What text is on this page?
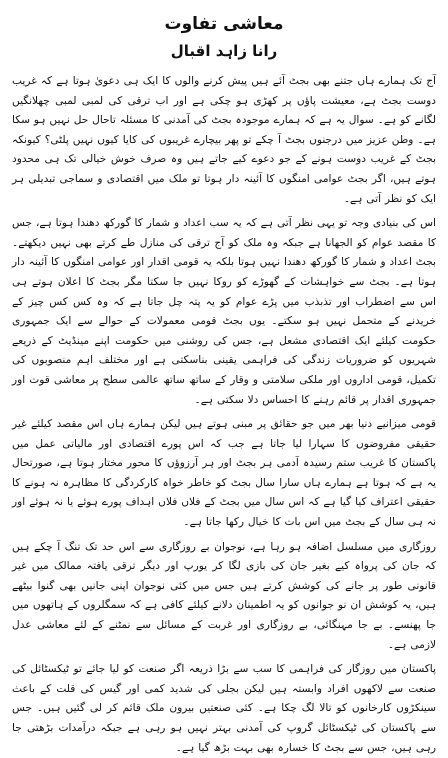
معاشی تفاوت
رانا زاہد اقبال

آج تک ہمارے ہاں جتنے بھی بجٹ آئے ہیں پیش کرنے والوں کا ایک ہی دعویٰ ہوتا ہے کہ غریب دوست بجٹ ہے، معیشت پاؤں پر کھڑی ہو چکی ہے اور اب ترقی کی لمبی لمبی چھلانگیں لگانے کو ہے۔ سوال یہ ہے کہ ہمارے موجودہ بجٹ کی آمدنی کا مسئلہ تاحال حل نہیں ہو سکا ہے۔ وطن عزیز میں درجنوں بجٹ آ چکے تو پھر بیچارے غریبوں کی کایا کیوں نہیں پلٹی؟ کیونکہ بجٹ کے غریب دوست ہونے کے جو دعوے کیے جاتے ہیں وہ صرف خوش خیالی تک ہی محدود ہوتے ہیں، اگر بجٹ عوامی امنگوں کا آئینہ دار ہوتا تو ملک میں اقتصادی و سماجی تبدیلی ہر ایک کو نظر آتی ہے۔

اس کی بنیادی وجہ تو یہی نظر آتی ہے کہ یہ سب اعداد و شمار کا گورکھ دھندا ہوتا ہے، جس کا مقصد عوام کو الجھانا ہے جبکہ وہ ملک کو آج ترقی کی منازل طے کرتے بھی نہیں دیکھتے۔ بجٹ اعداد و شمار کا گورکھ دھندا نہیں ہوتا بلکہ یہ قومی اقدار اور عوامی امنگوں کا آئینہ دار ہوتا ہے۔ بجٹ سے خواہشات کے گھوڑے کو روکا نہیں جا سکتا مگر بجٹ کا اعلان ہوتے ہی اس سے اضطراب اور تذبذب میں پڑے عوام کو یہ پتہ چل جاتا ہے کہ وہ کس کس چیز کے خریدنے کے متحمل نہیں ہو سکتے۔ یوں بجٹ قومی معمولات کے حوالے سے ایک جمہوری حکومت کیلئے ایک اقتصادی مشعل ہے، جس کی روشنی میں حکومت اپنے مینڈیٹ کے ذریعے شہریوں کو ضروریات زندگی کی فراہمی یقینی بناسکتی ہے اور مختلف اہم منصوبوں کی تکمیل، قومی اداروں اور ملکی سلامتی و وقار کے ساتھ ساتھ عالمی سطح پر معاشی قوت اور جمہوری اقدار پر قائم رہنے کا احساس دلا سکتی ہے۔

قومی میزانیے دنیا بھر میں جو حقائق پر مبنی ہوتے ہیں لیکن ہمارے ہاں اس مقصد کیلئے غیر حقیقی مفروضوں کا سہارا لیا جاتا ہے جب کہ اس پورے اقتصادی اور مالیاتی عمل میں پاکستان کا غریب ستم رسیدہ آدمی ہر بجٹ اور ہر آرزوؤں کا محور مختار ہوتا ہے، صورتحال یہ ہے کہ ہوتا ہے ہمارے ہاں سارا سال بجٹ کو خاطر خواہ کارکردگی کا مظاہرہ نہ ہونے کا حقیقی اعتراف کیا گیا ہے کہ اس سال میں بجٹ کے فلاں فلاں اہداف پورے ہوئے یا نہ ہوئے اور نہ ہی سال کے بجٹ میں اس بات کا خیال رکھا جاتا ہے۔

روزگاری میں مسلسل اضافہ ہو رہا ہے، نوجوان بے روزگاری سے اس حد تک تنگ آ چکے ہیں کہ جان کی پرواہ کیے بغیر جان کی بازی لگا کر یورپ اور دیگر ترقی یافتہ ممالک میں غیر قانونی طور پر جانے کی کوشش کرتے ہیں جس میں کئی نوجوان اپنی جانیں بھی گنوا بیٹھے ہیں، یہ کوشش ان نو جوانوں کو یہ اطمینان دلانے کیلئے کافی ہے کہ سمگلروں کے ہاتھوں میں جا پھنسے۔ بے جا مہنگائی، بے روزگاری اور غربت کے مسائل سے نمٹنے کے لئے معاشی عدل لازمی ہے۔

پاکستان میں روزگار کی فراہمی کا سب سے بڑا ذریعہ اگر صنعت کو لیا جائے تو ٹیکسٹائل کی صنعت سے لاکھوں افراد وابستہ ہیں لیکن بجلی کی شدید کمی اور گیس کی قلت کے باعث سینکڑوں کارخانوں کو تالا لگ چکا ہے۔ کئی صنعتیں بیرون ملک قائم کر لی گئیں ہیں۔ جس سے پاکستان کی ٹیکسٹائل گروپ کی آمدنی بہتر نہیں ہو رہی ہے جبکہ درآمدات بڑھتی جا رہی ہیں، جس سے بجٹ کا خسارہ بھی بہت بڑھ گیا ہے۔
